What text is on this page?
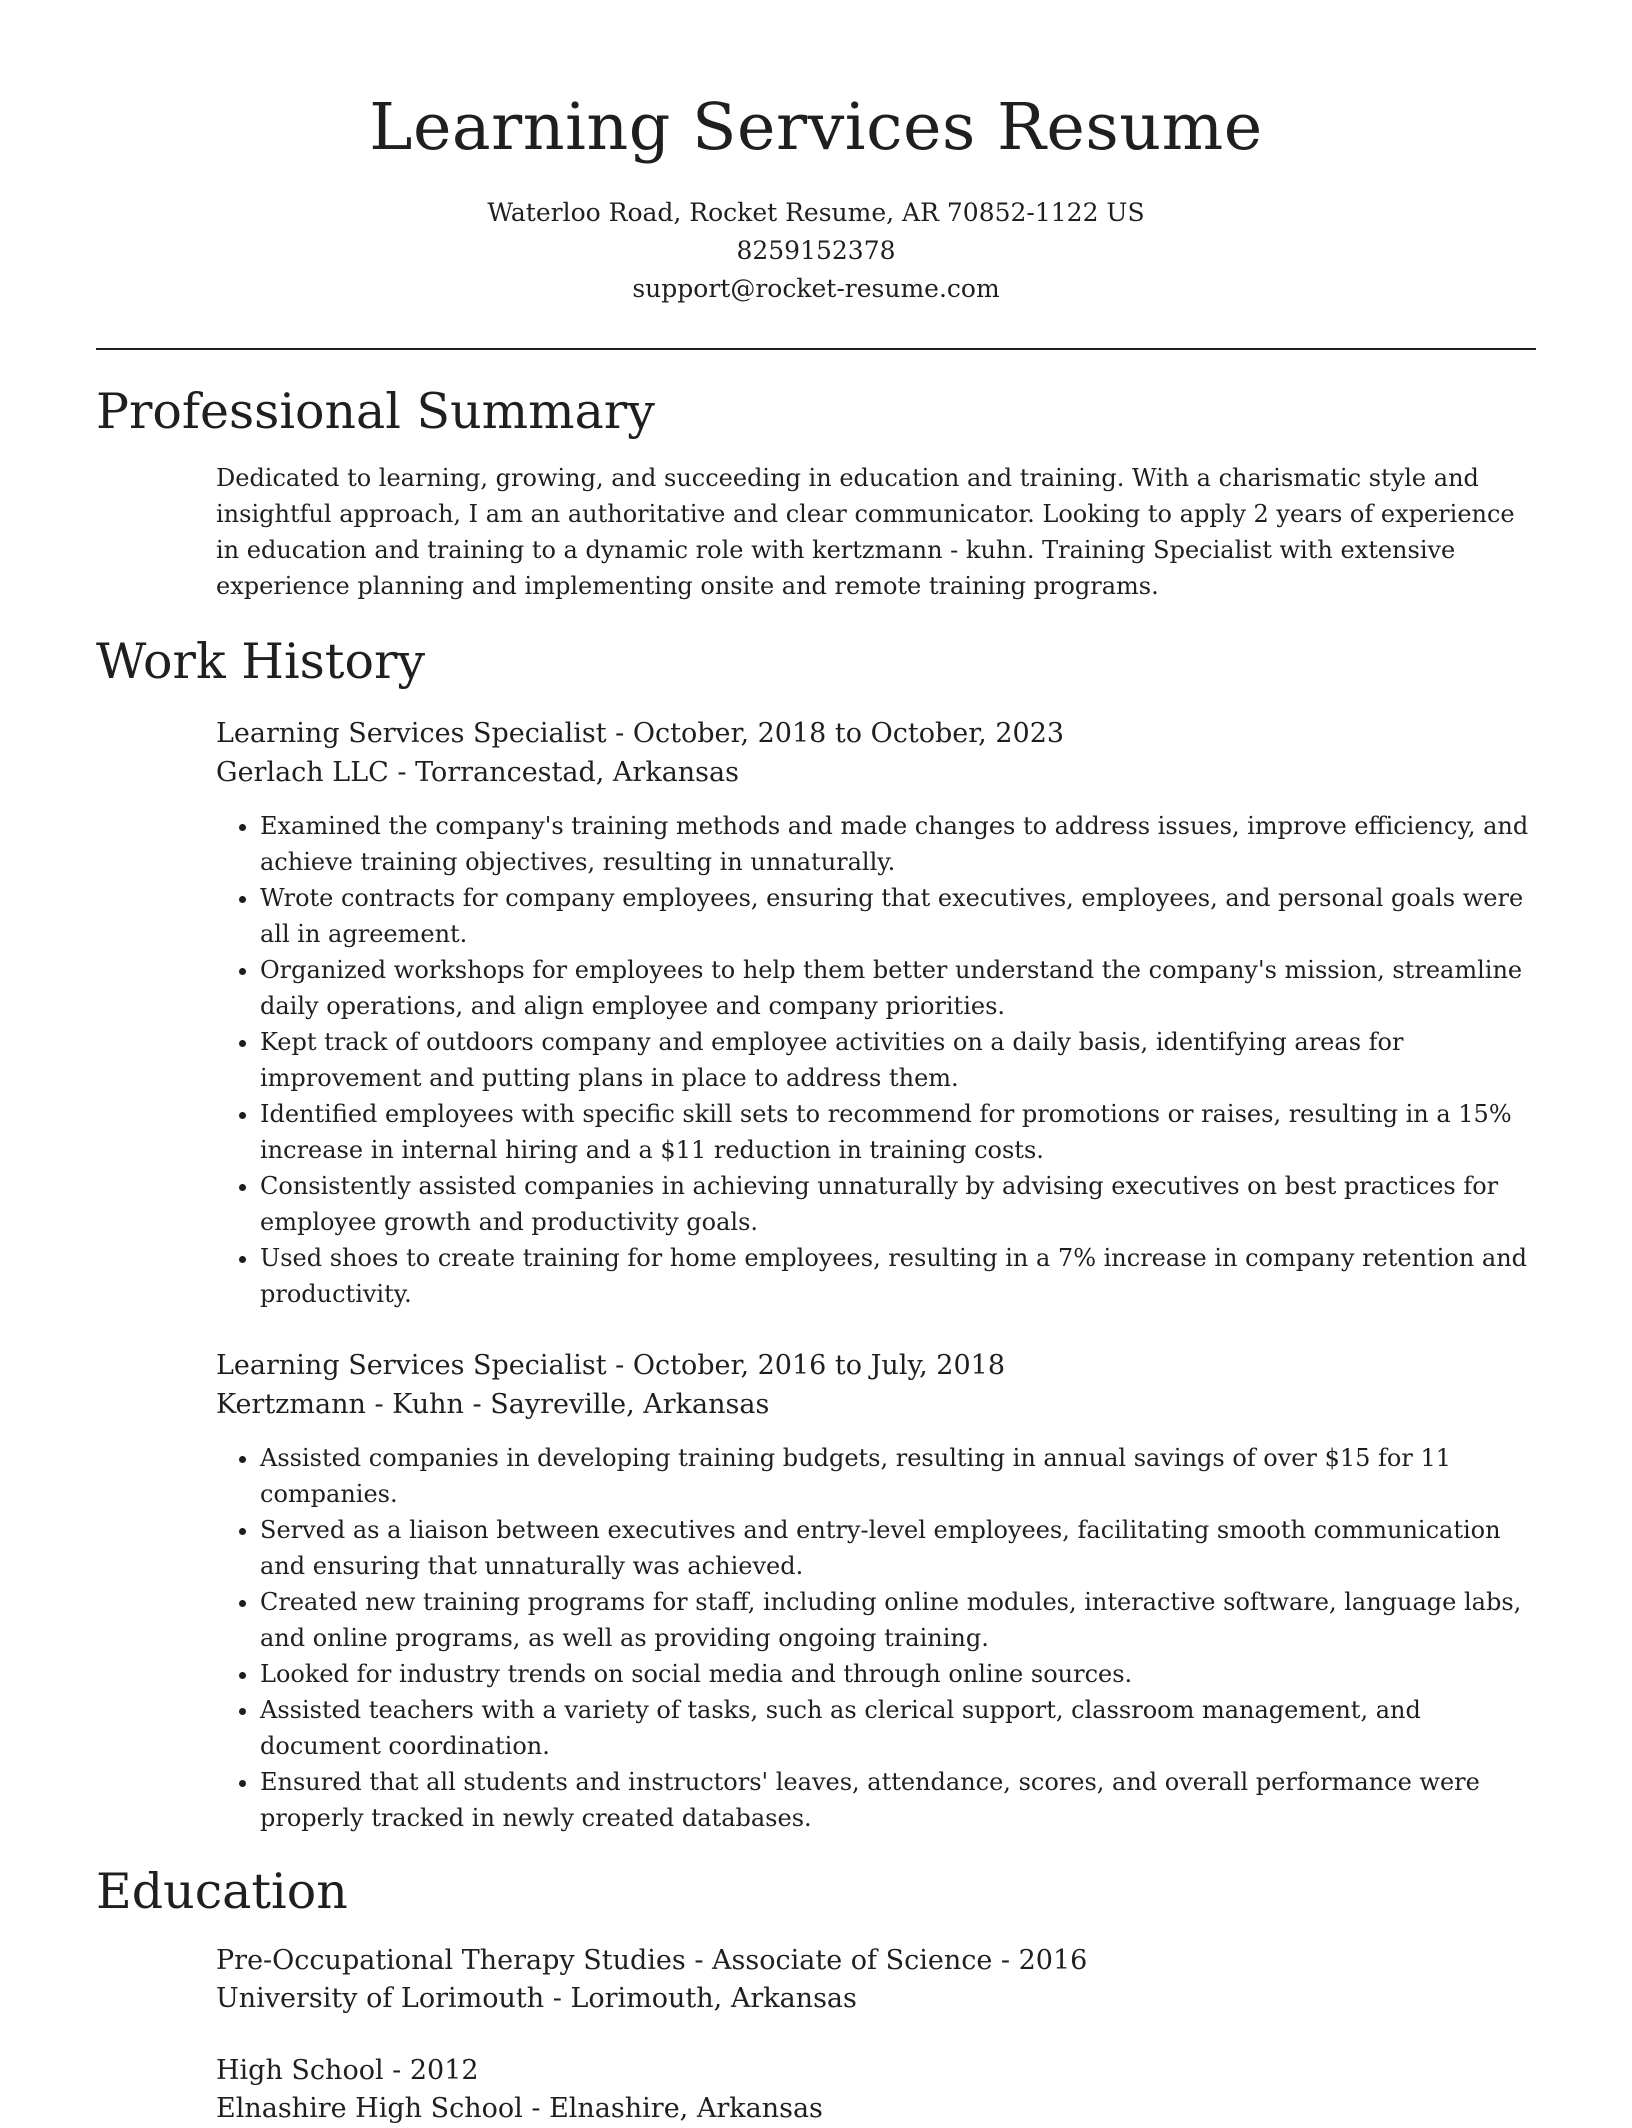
Learning Services Resume
Waterloo Road, Rocket Resume, AR 70852-1122 US
8259152378
support@rocket-resume.com
Professional Summary

Dedicated to learning, growing, and succeeding in education and training. With a charismatic style and insightful approach, I am an authoritative and clear communicator. Looking to apply 2 years of experience in education and training to a dynamic role with kertzmann - kuhn. Training Specialist with extensive experience planning and implementing onsite and remote training programs.

Work History
Learning Services Specialist - October, 2018 to October, 2023
Gerlach LLC - Torrancestad, Arkansas
• Examined the company's training methods and made changes to address issues, improve efficiency, and achieve training objectives, resulting in unnaturally.
• Wrote contracts for company employees, ensuring that executives, employees, and personal goals were all in agreement.
• Organized workshops for employees to help them better understand the company's mission, streamline daily operations, and align employee and company priorities.
• Kept track of outdoors company and employee activities on a daily basis, identifying areas for improvement and putting plans in place to address them.
• Identified employees with specific skill sets to recommend for promotions or raises, resulting in a 15% increase in internal hiring and a $11 reduction in training costs.
• Consistently assisted companies in achieving unnaturally by advising executives on best practices for employee growth and productivity goals.
• Used shoes to create training for home employees, resulting in a 7% increase in company retention and productivity.
Learning Services Specialist - October, 2016 to July, 2018
Kertzmann - Kuhn - Sayreville, Arkansas
• Assisted companies in developing training budgets, resulting in annual savings of over $15 for 11 companies.
• Served as a liaison between executives and entry-level employees, facilitating smooth communication and ensuring that unnaturally was achieved.
• Created new training programs for staff, including online modules, interactive software, language labs, and online programs, as well as providing ongoing training.
• Looked for industry trends on social media and through online sources.
• Assisted teachers with a variety of tasks, such as clerical support, classroom management, and document coordination.
• Ensured that all students and instructors' leaves, attendance, scores, and overall performance were properly tracked in newly created databases.
Education
Pre-Occupational Therapy Studies - Associate of Science - 2016
University of Lorimouth - Lorimouth, Arkansas
High School - 2012
Elnashire High School - Elnashire, Arkansas
